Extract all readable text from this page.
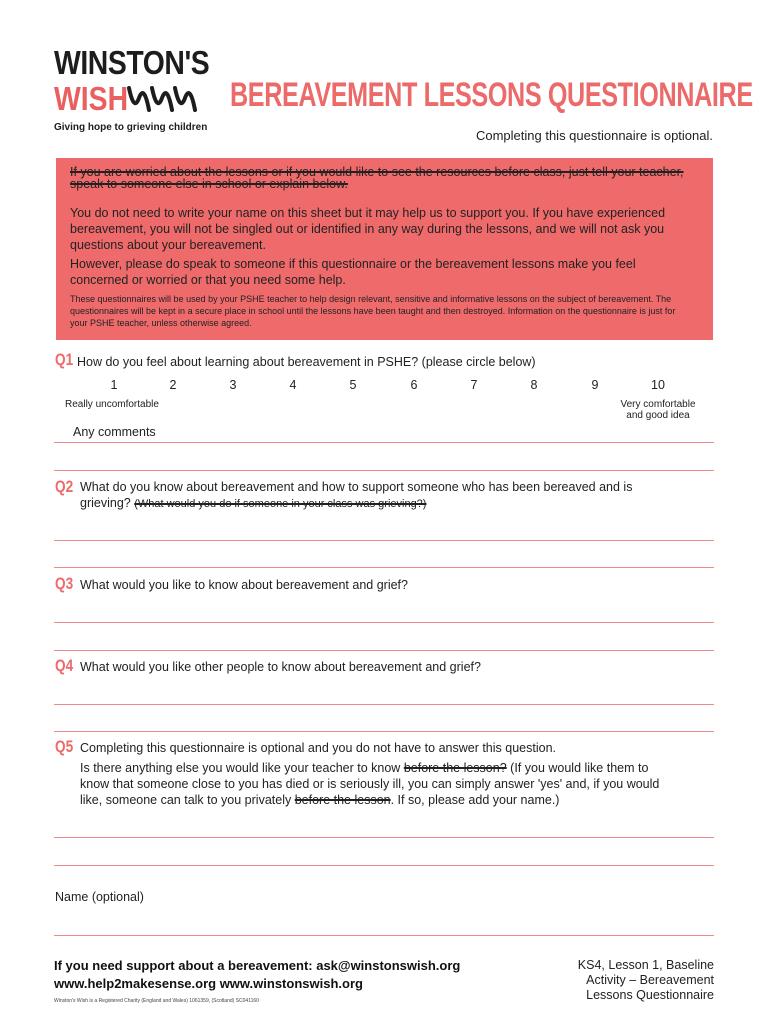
WINSTON'S
WISH
Giving hope to grieving children
BEREAVEMENT LESSONS QUESTIONNAIRE
Completing this questionnaire is optional.
If you are worried about the lessons or if you would like to see the resources before class, just tell your teacher, speak to someone else in school or explain below.
You do not need to write your name on this sheet but it may help us to support you. If you have experienced bereavement, you will not be singled out or identified in any way during the lessons, and we will not ask you questions about your bereavement.
However, please do speak to someone if this questionnaire or the bereavement lessons make you feel concerned or worried or that you need some help.
These questionnaires will be used by your PSHE teacher to help design relevant, sensitive and informative lessons on the subject of bereavement. The questionnaires will be kept in a secure place in school until the lessons have been taught and then destroyed. Information on the questionnaire is just for your PSHE teacher, unless otherwise agreed.
Q1 How do you feel about learning about bereavement in PSHE? (please circle below)
1	2	3	4	5	6	7	8	9	10
Really uncomfortable	Very comfortable
and good idea
Any comments
Q2 What do you know about bereavement and how to support someone who has been bereaved and is
grieving? (What would you do if someone in your class was grieving?)
Q3 What would you like to know about bereavement and grief?
Q4 What would you like other people to know about bereavement and grief?
Q5 Completing this questionnaire is optional and you do not have to answer this question.
Is there anything else you would like your teacher to know before the lesson? (If you would like them to
know that someone close to you has died or is seriously ill, you can simply answer 'yes' and, if you would
like, someone can talk to you privately before the lesson. If so, please add your name.)
Name (optional)
If you need support about a bereavement: ask@winstonswish.org
www.help2makesense.org www.winstonswish.org
Winston's Wish is a Registered Charity (England and Wales) 1061359, (Scotland) SC041160
KS4, Lesson 1, Baseline
Activity – Bereavement
Lessons Questionnaire
